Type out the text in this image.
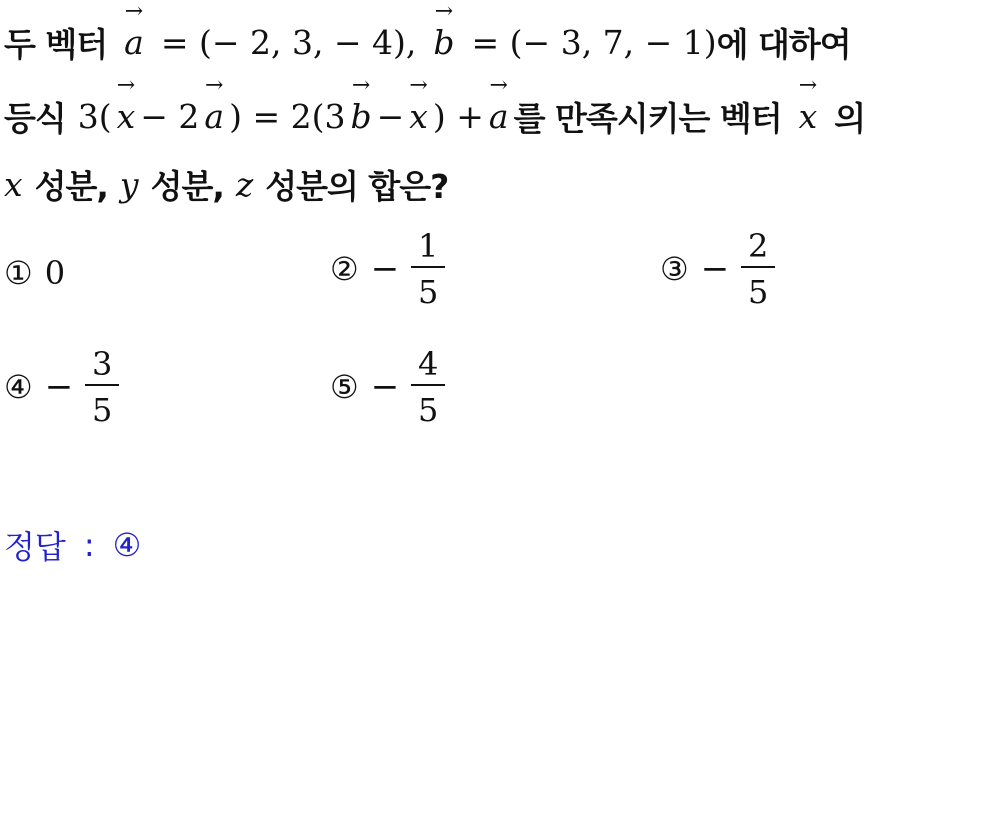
두 벡터
→
a = (− 2, 3, − 4),
→
b = (− 3, 7, − 1) 에 대하여
등식 3(
→
x − 2
→
a ) = 2(3
→
b −
→
x ) +
→
a 를 만족시키는 벡터
→
x 의
x 성분, y 성분, z 성분의 합은?
① 0	② − $\frac{1}{5}$	③ − $\frac{2}{5}$
④ − $\frac{3}{5}$	⑤ − $\frac{4}{5}$
정답 : ④
